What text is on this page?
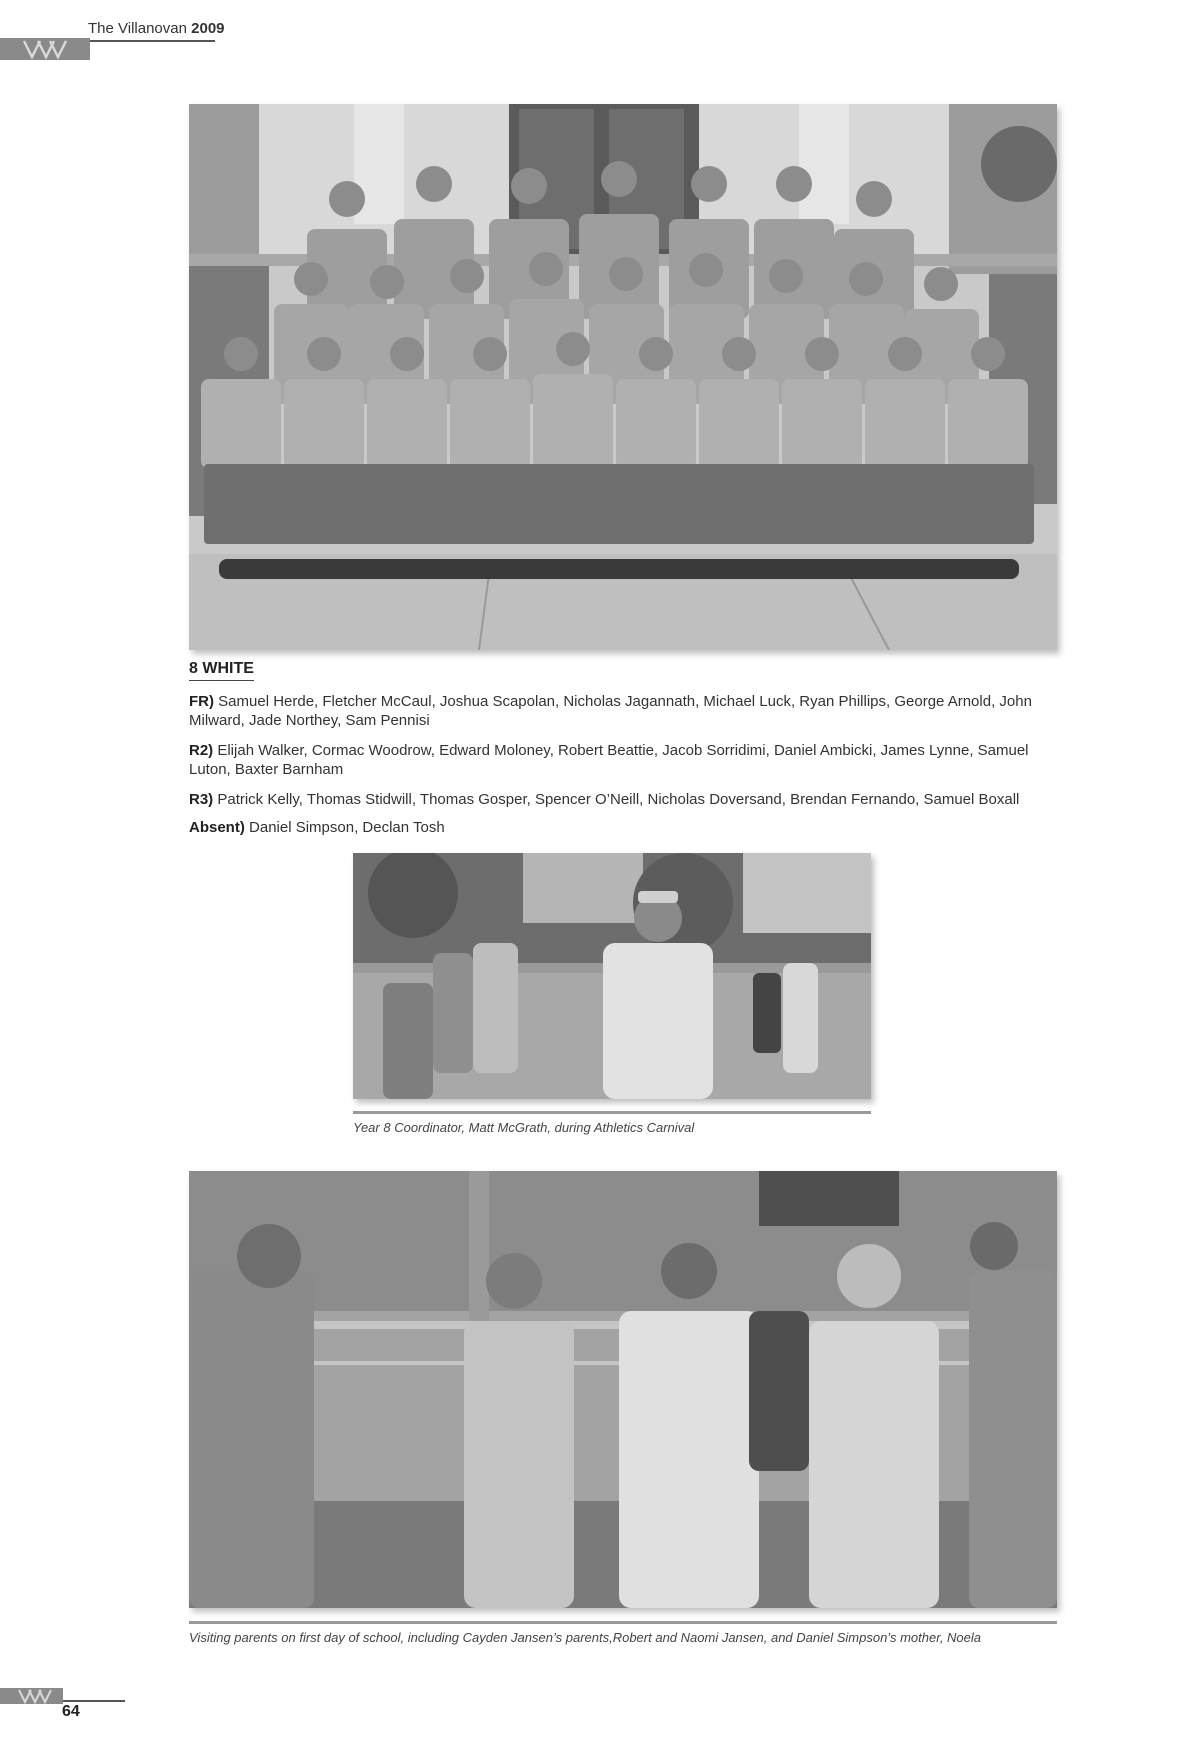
The Villanovan 2009
8 WHITE
FR) Samuel Herde, Fletcher McCaul, Joshua Scapolan, Nicholas Jagannath, Michael Luck, Ryan Phillips, George Arnold, John Milward, Jade Northey, Sam Pennisi
R2) Elijah Walker, Cormac Woodrow, Edward Moloney, Robert Beattie, Jacob Sorridimi, Daniel Ambicki, James Lynne, Samuel Luton, Baxter Barnham
R3) Patrick Kelly, Thomas Stidwill, Thomas Gosper, Spencer O’Neill, Nicholas Doversand, Brendan Fernando, Samuel Boxall
Absent) Daniel Simpson, Declan Tosh
Year 8 Coordinator, Matt McGrath, during Athletics Carnival
Visiting parents on first day of school, including Cayden Jansen’s parents,Robert and Naomi Jansen, and Daniel Simpson’s mother, Noela
64
